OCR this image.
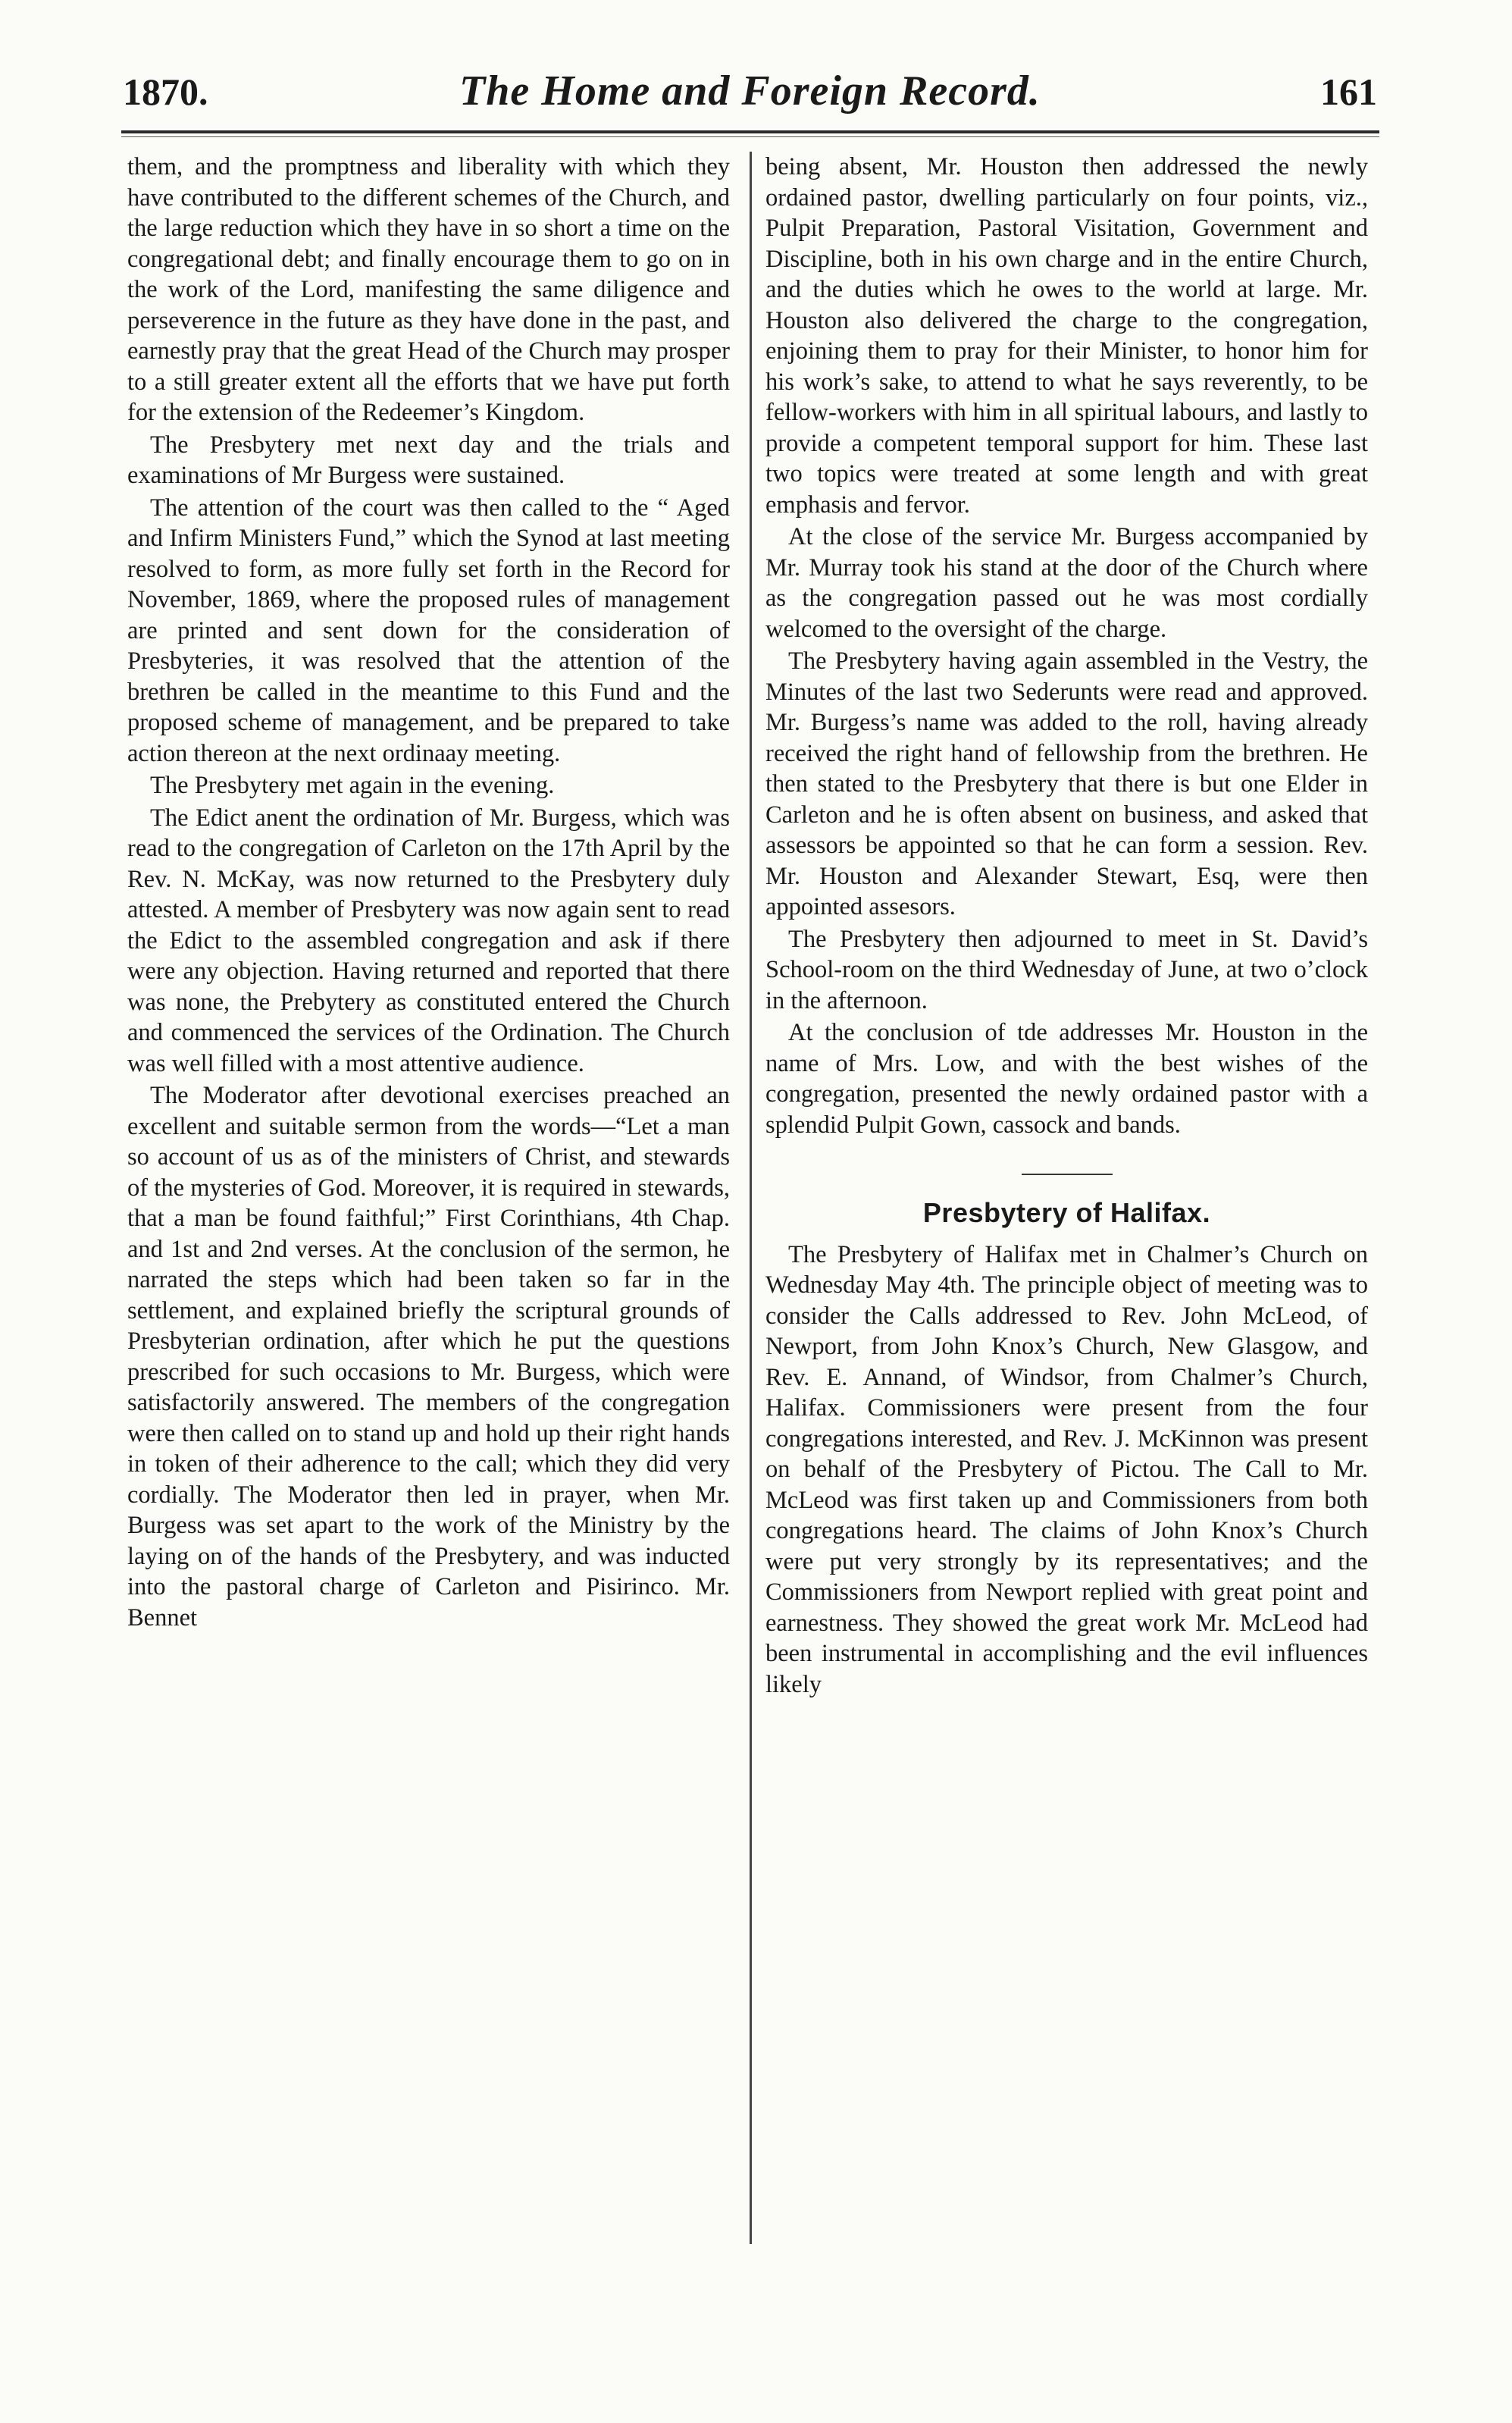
1870.	The Home and Foreign Record.	161

them, and the promptness and liberality with which they have contributed to the different schemes of the Church, and the large reduction which they have in so short a time on the congregational debt; and finally encourage them to go on in the work of the Lord, manifesting the same diligence and perseverence in the future as they have done in the past, and earnestly pray that the great Head of the Church may prosper to a still greater extent all the efforts that we have put forth for the extension of the Redeemer’s Kingdom.

The Presbytery met next day and the trials and examinations of Mr Burgess were sustained.

The attention of the court was then called to the “ Aged and Infirm Ministers Fund,” which the Synod at last meeting resolved to form, as more fully set forth in the Record for November, 1869, where the proposed rules of management are printed and sent down for the consideration of Presbyteries, it was resolved that the attention of the brethren be called in the meantime to this Fund and the proposed scheme of management, and be prepared to take action thereon at the next ordinaay meeting.

The Presbytery met again in the evening.

The Edict anent the ordination of Mr. Burgess, which was read to the congregation of Carleton on the 17th April by the Rev. N. McKay, was now returned to the Presbytery duly attested. A member of Presbytery was now again sent to read the Edict to the assembled congregation and ask if there were any objection. Having returned and reported that there was none, the Prebytery as constituted entered the Church and commenced the services of the Ordination. The Church was well filled with a most attentive audience.

The Moderator after devotional exercises preached an excellent and suitable sermon from the words—“Let a man so account of us as of the ministers of Christ, and stewards of the mysteries of God. Moreover, it is required in stewards, that a man be found faithful;” First Corinthians, 4th Chap. and 1st and 2nd verses. At the conclusion of the sermon, he narrated the steps which had been taken so far in the settlement, and explained briefly the scriptural grounds of Presbyterian ordination, after which he put the questions prescribed for such occasions to Mr. Burgess, which were satisfactorily answered. The members of the congregation were then called on to stand up and hold up their right hands in token of their adherence to the call; which they did very cordially. The Moderator then led in prayer, when Mr. Burgess was set apart to the work of the Ministry by the laying on of the hands of the Presbytery, and was inducted into the pastoral charge of Carleton and Pisirinco. Mr. Bennet

being absent, Mr. Houston then addressed the newly ordained pastor, dwelling particularly on four points, viz., Pulpit Preparation, Pastoral Visitation, Government and Discipline, both in his own charge and in the entire Church, and the duties which he owes to the world at large. Mr. Houston also delivered the charge to the congregation, enjoining them to pray for their Minister, to honor him for his work’s sake, to attend to what he says reverently, to be fellow-workers with him in all spiritual labours, and lastly to provide a competent temporal support for him. These last two topics were treated at some length and with great emphasis and fervor.

At the close of the service Mr. Burgess accompanied by Mr. Murray took his stand at the door of the Church where as the congregation passed out he was most cordially welcomed to the oversight of the charge.

The Presbytery having again assembled in the Vestry, the Minutes of the last two Sederunts were read and approved. Mr. Burgess’s name was added to the roll, having already received the right hand of fellowship from the brethren. He then stated to the Presbytery that there is but one Elder in Carleton and he is often absent on business, and asked that assessors be appointed so that he can form a session. Rev. Mr. Houston and Alexander Stewart, Esq, were then appointed assesors.

The Presbytery then adjourned to meet in St. David’s School-room on the third Wednesday of June, at two o’clock in the afternoon.

At the conclusion of tde addresses Mr. Houston in the name of Mrs. Low, and with the best wishes of the congregation, presented the newly ordained pastor with a splendid Pulpit Gown, cassock and bands.

Presbytery of Halifax.

The Presbytery of Halifax met in Chalmer’s Church on Wednesday May 4th. The principle object of meeting was to consider the Calls addressed to Rev. John McLeod, of Newport, from John Knox’s Church, New Glasgow, and Rev. E. Annand, of Windsor, from Chalmer’s Church, Halifax. Commissioners were present from the four congregations interested, and Rev. J. McKinnon was present on behalf of the Presbytery of Pictou. The Call to Mr. McLeod was first taken up and Commissioners from both congregations heard. The claims of John Knox’s Church were put very strongly by its representatives; and the Commissioners from Newport replied with great point and earnestness. They showed the great work Mr. McLeod had been instrumental in accomplishing and the evil influences likely
